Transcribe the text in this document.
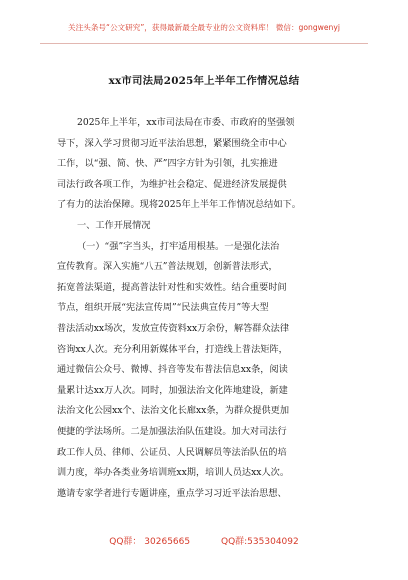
关注头条号“公文研究”，获得最新最全最专业的公文资料库！ 微信：gongwenyj
xx市司法局2025年上半年工作情况总结
2025年上半年，xx市司法局在市委、市政府的坚强领
导下，深入学习贯彻习近平法治思想，紧紧围绕全市中心
工作，以“强、简、快、严”四字方针为引领，扎实推进
司法行政各项工作，为维护社会稳定、促进经济发展提供
了有力的法治保障。现将2025年上半年工作情况总结如下。
一、工作开展情况
（一）“强”字当头，打牢适用根基。一是强化法治
宣传教育。深入实施“八五”普法规划，创新普法形式，
拓宽普法渠道，提高普法针对性和实效性。结合重要时间
节点，组织开展“宪法宣传周”“民法典宣传月”等大型
普法活动xx场次，发放宣传资料xx万余份，解答群众法律
咨询xx人次。充分利用新媒体平台，打造线上普法矩阵，
通过微信公众号、微博、抖音等发布普法信息xx条，阅读
量累计达xx万人次。同时，加强法治文化阵地建设，新建
法治文化公园xx个、法治文化长廊xx条，为群众提供更加
便捷的学法场所。二是加强法治队伍建设。加大对司法行
政工作人员、律师、公证员、人民调解员等法治队伍的培
训力度，举办各类业务培训班xx期，培训人员达xx人次。
邀请专家学者进行专题讲座，重点学习习近平法治思想、
QQ群： 30265665	QQ群:535304092
